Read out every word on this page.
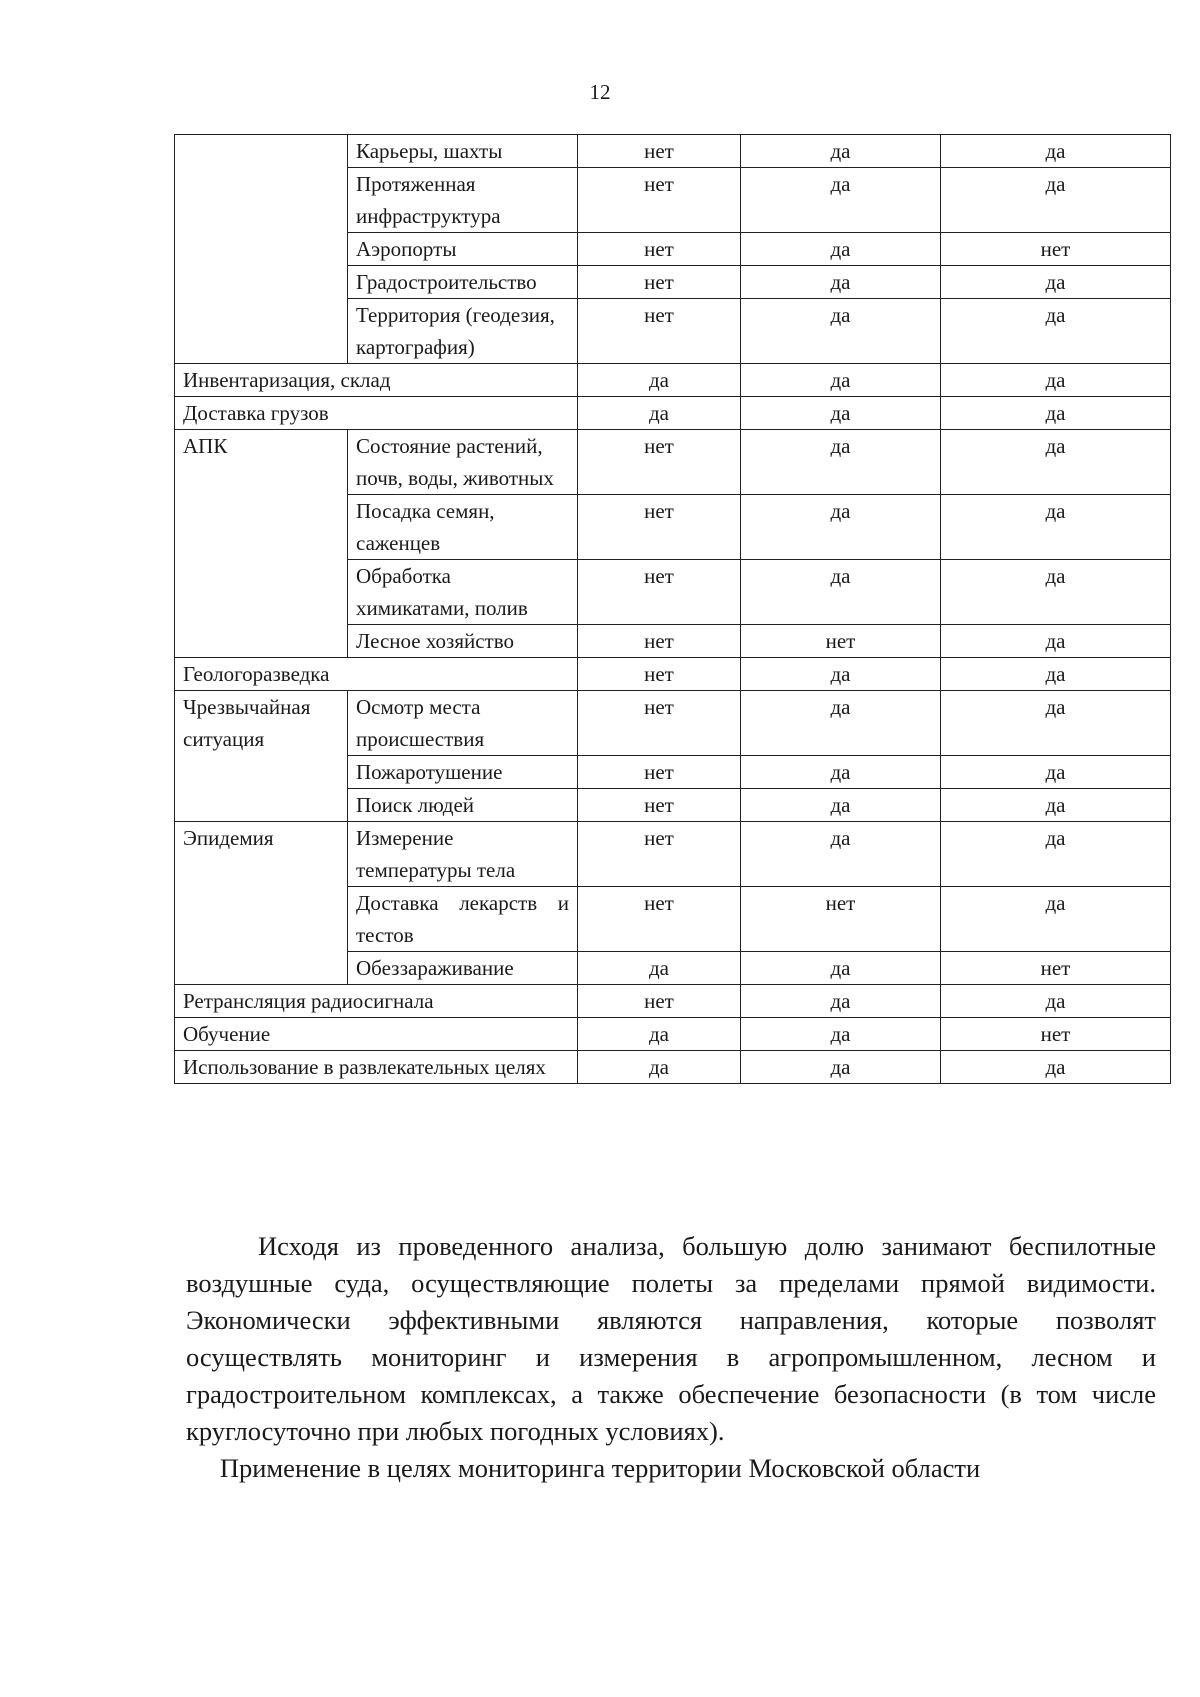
12
	Карьеры, шахты	нет	да	да
	Протяженная инфраструктура	нет	да	да
	Аэропорты	нет	да	нет
	Градостроительство	нет	да	да
	Территория (геодезия, картография)	нет	да	да
Инвентаризация, склад		да	да	да
Доставка грузов		да	да	да
АПК	Состояние растений, почв, воды, животных	нет	да	да
	Посадка семян, саженцев	нет	да	да
	Обработка химикатами, полив	нет	да	да
	Лесное хозяйство	нет	нет	да
Геологоразведка		нет	да	да
Чрезвычайная ситуация	Осмотр места происшествия	нет	да	да
	Пожаротушение	нет	да	да
	Поиск людей	нет	да	да
Эпидемия	Измерение температуры тела	нет	да	да
	Доставка лекарств и тестов	нет	нет	да
	Обеззараживание	да	да	нет
Ретрансляция радиосигнала		нет	да	да
Обучение		да	да	нет
Использование в развлекательных целях		да	да	да
Исходя из проведенного анализа, большую долю занимают беспилотные воздушные суда, осуществляющие полеты за пределами прямой видимости. Экономически эффективными являются направления, которые позволят осуществлять мониторинг и измерения в агропромышленном, лесном и градостроительном комплексах, а также обеспечение безопасности (в том числе круглосуточно при любых погодных условиях).
Применение в целях мониторинга территории Московской области
